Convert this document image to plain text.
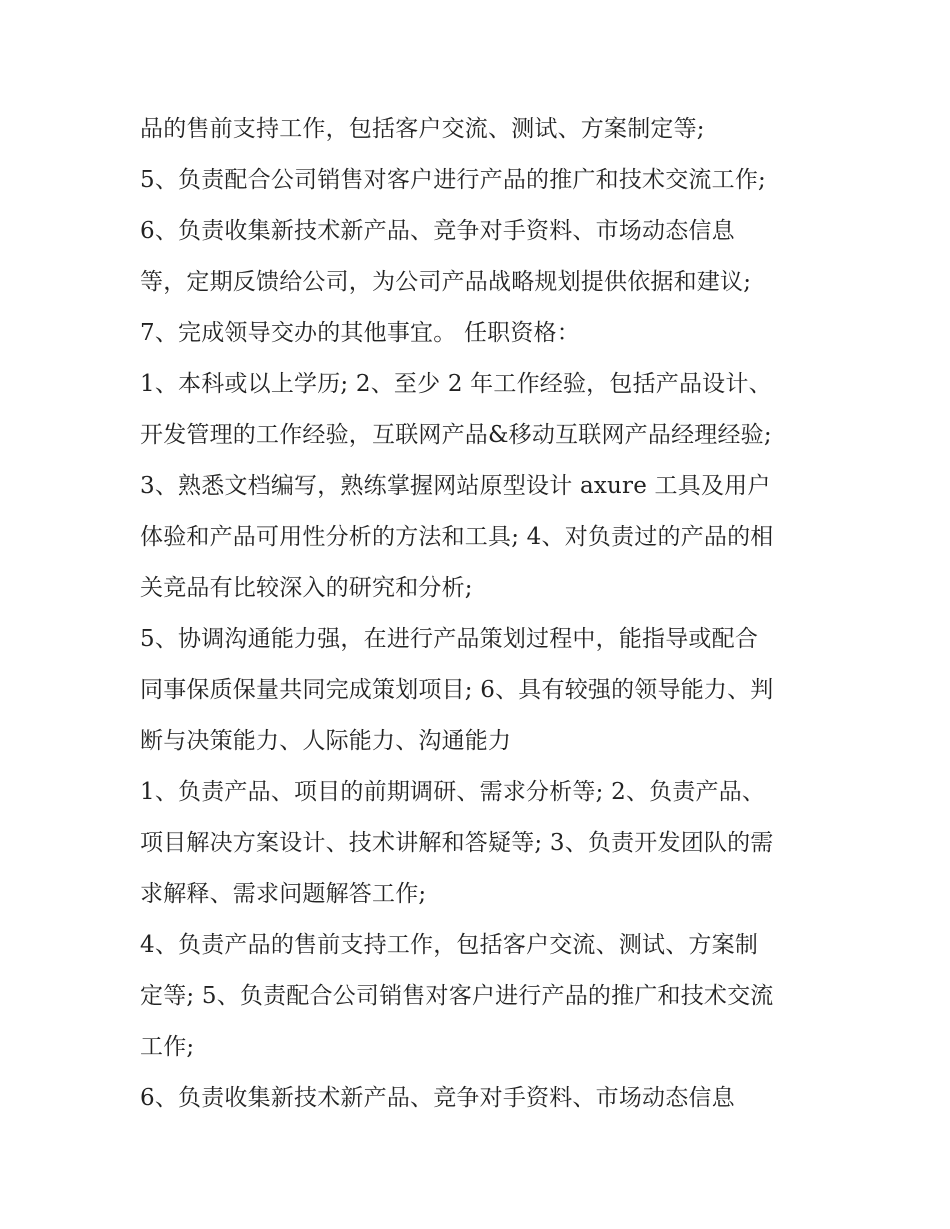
品的售前支持工作，包括客户交流、测试、方案制定等;
5、负责配合公司销售对客户进行产品的推广和技术交流工作;
6、负责收集新技术新产品、竞争对手资料、市场动态信息
等，定期反馈给公司，为公司产品战略规划提供依据和建议;
7、完成领导交办的其他事宜。 任职资格：
1、本科或以上学历; 2、至少 2 年工作经验，包括产品设计、
开发管理的工作经验，互联网产品&移动互联网产品经理经验;
3、熟悉文档编写，熟练掌握网站原型设计 axure 工具及用户
体验和产品可用性分析的方法和工具; 4、对负责过的产品的相
关竞品有比较深入的研究和分析;
5、协调沟通能力强，在进行产品策划过程中，能指导或配合
同事保质保量共同完成策划项目; 6、具有较强的领导能力、判
断与决策能力、人际能力、沟通能力
1、负责产品、项目的前期调研、需求分析等; 2、负责产品、
项目解决方案设计、技术讲解和答疑等; 3、负责开发团队的需
求解释、需求问题解答工作;
4、负责产品的售前支持工作，包括客户交流、测试、方案制
定等; 5、负责配合公司销售对客户进行产品的推广和技术交流
工作;
6、负责收集新技术新产品、竞争对手资料、市场动态信息
